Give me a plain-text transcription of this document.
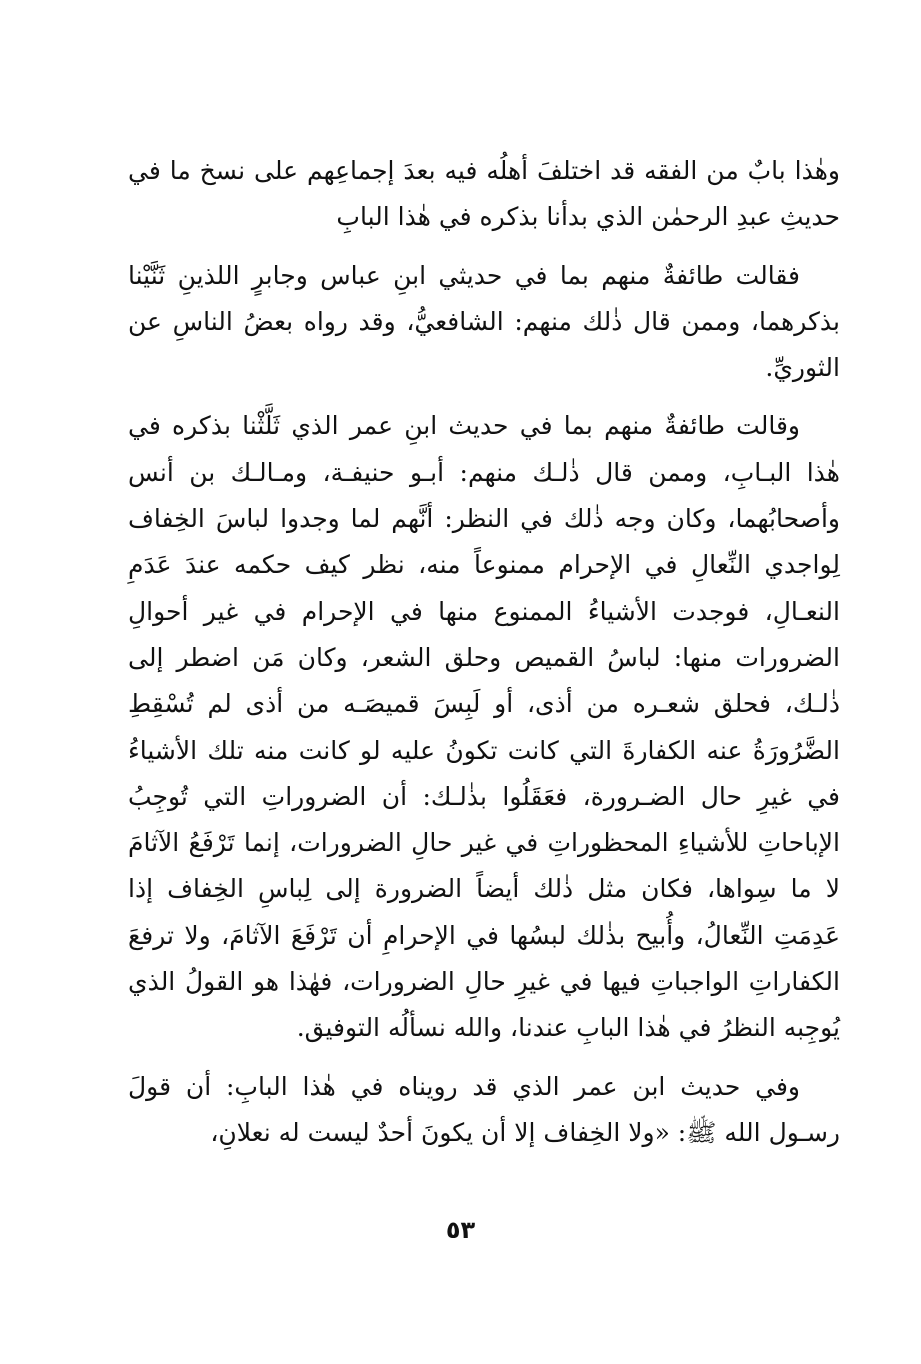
وهٰذا بابٌ من الفقه قد اختلفَ أهلُه فيه بعدَ إجماعِهم على نسخ ما في حديثِ عبدِ الرحمٰن الذي بدأنا بذكره في هٰذا البابِ

فقالت طائفةٌ منهم بما في حديثي ابنِ عباس وجابرٍ اللذينِ ثَنَّيْنا بذكرهما، وممن قال ذٰلك منهم: الشافعيُّ، وقد رواه بعضُ الناسِ عن الثوريِّ.

وقالت طائفةٌ منهم بما في حديث ابنِ عمر الذي ثَلَّثْنا بذكره في هٰذا البـابِ، وممن قال ذٰلـك منهم: أبـو حنيفـة، ومـالـك بن أنس وأصحابُهما، وكان وجه ذٰلك في النظر: أنَّهم لما وجدوا لباسَ الخِفاف لِواجدي النِّعالِ في الإحرام ممنوعاً منه، نظر كيف حكمه عندَ عَدَمِ النعـالِ، فوجدت الأشياءُ الممنوع منها في الإحرام في غير أحوالِ الضرورات منها: لباسُ القميص وحلق الشعر، وكان مَن اضطر إلى ذٰلـك، فحلق شعـره من أذى، أو لَبِسَ قميصَـه من أذى لم تُسْقِطِ الضَّرُورَةُ عنه الكفارةَ التي كانت تكونُ عليه لو كانت منه تلك الأشياءُ في غيرِ حال الضـرورة، فعَقَلُوا بذٰلـك: أن الضروراتِ التي تُوجِبُ الإباحاتِ للأشياءِ المحظوراتِ في غير حالِ الضرورات، إنما تَرْفَعُ الآثامَ لا ما سِواها، فكان مثل ذٰلك أيضاً الضرورة إلى لِباسِ الخِفاف إذا عَدِمَتِ النِّعالُ، وأُبيح بذٰلك لبسُها في الإحرامِ أن تَرْفَعَ الآثامَ، ولا ترفعَ الكفاراتِ الواجباتِ فيها في غيرِ حالِ الضرورات، فهٰذا هو القولُ الذي يُوجِبه النظرُ في هٰذا البابِ عندنا، والله نسألُه التوفيق.

وفي حديث ابن عمر الذي قد رويناه في هٰذا البابِ: أن قولَ رسـول الله ﷺ: «ولا الخِفاف إلا أن يكونَ أحدٌ ليست له نعلانِ،

٥٣
